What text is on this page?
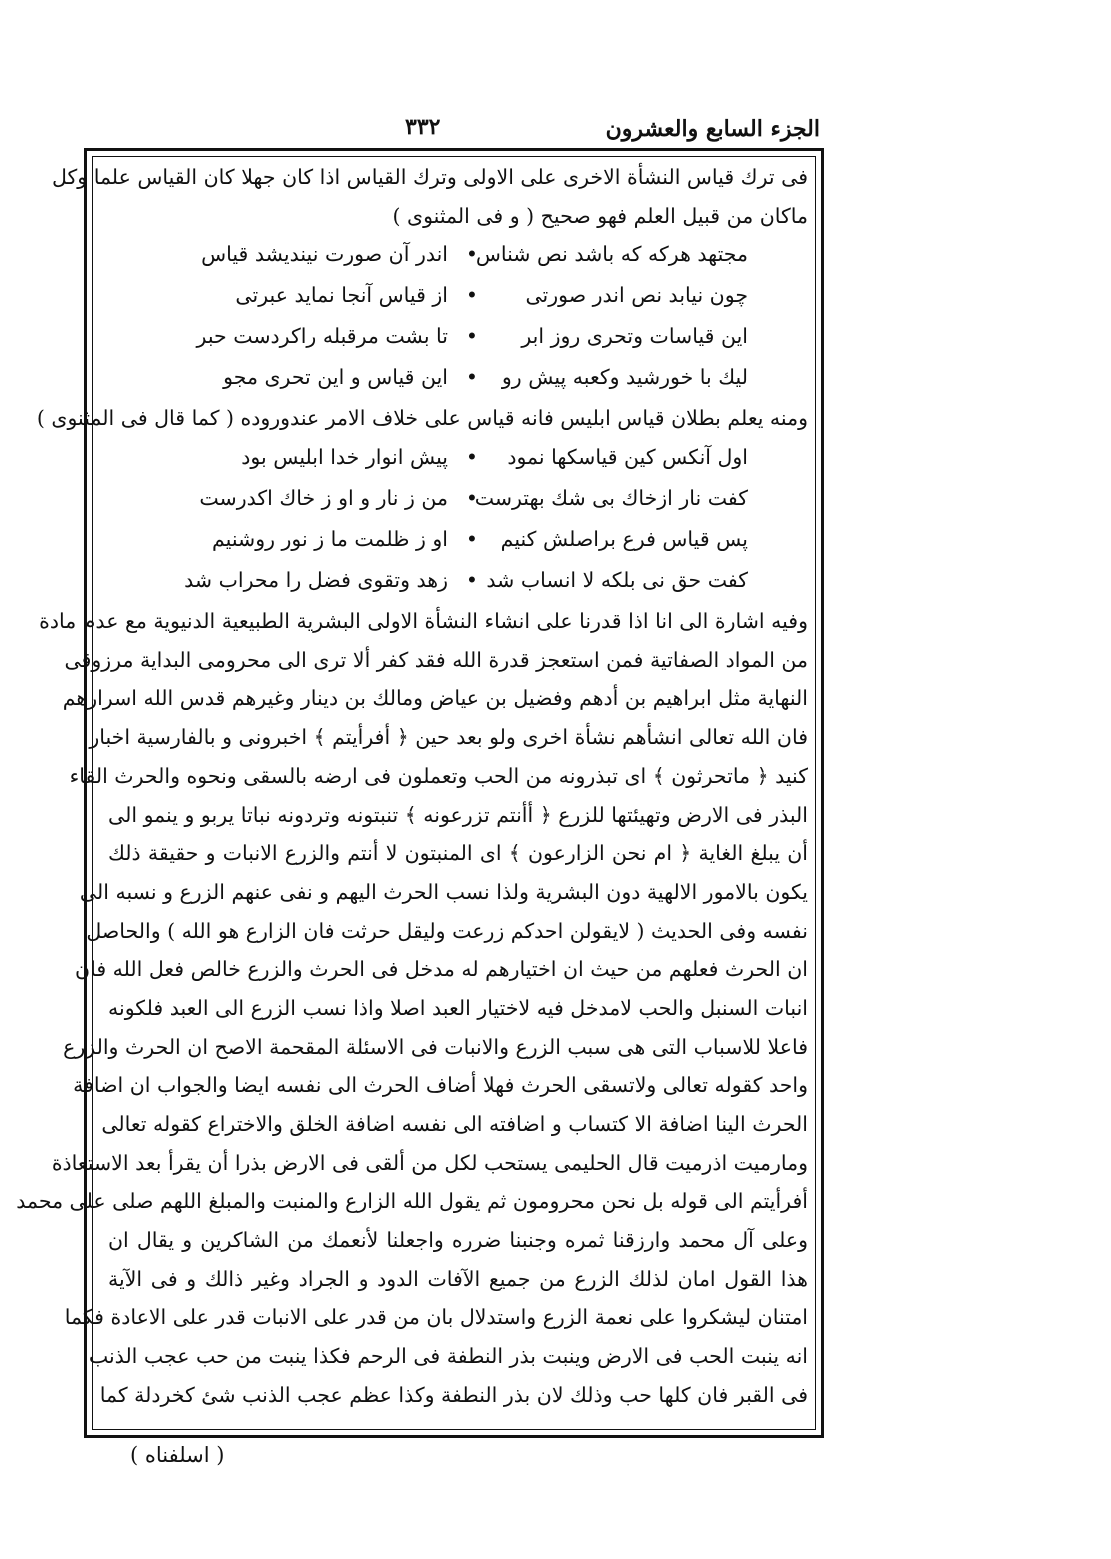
الجزء السابع والعشرون
۳۳۲
فى ترك قياس النشأة الاخرى على الاولى وترك القياس اذا كان جهلا كان القياس علما وكل
ماكان من قبيل العلم فهو صحيح ( و فى المثنوى )
مجتهد هركه كه باشد نص شناس
•
اندر آن صورت نينديشد قياس
چون نيابد نص اندر صورتى
•
از قياس آنجا نمايد عبرتى
اين قياسات وتحرى روز ابر
•
تا بشت مرقبله راكردست حبر
ليك با خورشيد وكعبه پيش رو
•
اين قياس و اين تحرى مجو
ومنه يعلم بطلان قياس ابليس فانه قياس على خلاف الامر عندوروده ( كما قال فى المثنوى )
اول آنكس كين قياسكها نمود
•
پيش انوار خدا ابليس بود
كفت نار ازخاك بى شك بهترست
•
من ز نار و او ز خاك اكدرست
پس قياس فرع براصلش كنيم
•
او ز ظلمت ما ز نور روشنيم
كفت حق نى بلكه لا انساب شد
•
زهد وتقوى فضل را محراب شد
وفيه اشارة الى انا اذا قدرنا على انشاء النشأة الاولى البشرية الطبيعية الدنيوية مع عدم مادة
من المواد الصفاتية فمن استعجز قدرة الله فقد كفر ألا ترى الى محرومى البداية مرزوقى
النهاية مثل ابراهيم بن أدهم وفضيل بن عياض ومالك بن دينار وغيرهم قدس الله اسرارهم
فان الله تعالى انشأهم نشأة اخرى ولو بعد حين ﴿ أفرأيتم ﴾ اخبرونى و بالفارسية اخبار
كنيد ﴿ ماتحرثون ﴾ اى تبذرونه من الحب وتعملون فى ارضه بالسقى ونحوه والحرث القاء
البذر فى الارض وتهيئتها للزرع ﴿ أأنتم تزرعونه ﴾ تنبتونه وتردونه نباتا يربو و ينمو الى
أن يبلغ الغاية ﴿ ام نحن الزارعون ﴾ اى المنبتون لا أنتم والزرع الانبات و حقيقة ذلك
يكون بالامور الالهية دون البشرية ولذا نسب الحرث اليهم و نفى عنهم الزرع و نسبه الى
نفسه وفى الحديث ( لايقولن احدكم زرعت وليقل حرثت فان الزارع هو الله ) والحاصل
ان الحرث فعلهم من حيث ان اختيارهم له مدخل فى الحرث والزرع خالص فعل الله فان
انبات السنبل والحب لامدخل فيه لاختيار العبد اصلا واذا نسب الزرع الى العبد فلكونه
فاعلا للاسباب التى هى سبب الزرع والانبات فى الاسئلة المقحمة الاصح ان الحرث والزرع
واحد كقوله تعالى ولاتسقى الحرث فهلا أضاف الحرث الى نفسه ايضا والجواب ان اضافة
الحرث الينا اضافة الا كتساب و اضافته الى نفسه اضافة الخلق والاختراع كقوله تعالى
ومارميت اذرميت قال الحليمى يستحب لكل من ألقى فى الارض بذرا أن يقرأ بعد الاستعاذة
أفرأيتم الى قوله بل نحن محرومون ثم يقول الله الزارع والمنبت والمبلغ اللهم صلى على محمد
وعلى آل محمد وارزقنا ثمره وجنبنا ضرره واجعلنا لأنعمك من الشاكرين و يقال ان
هذا القول امان لذلك الزرع من جميع الآفات الدود و الجراد وغير ذالك و فى الآية
امتنان ليشكروا على نعمة الزرع واستدلال بان من قدر على الانبات قدر على الاعادة فكما
انه ينبت الحب فى الارض وينبت بذر النطفة فى الرحم فكذا ينبت من حب عجب الذنب
فى القبر فان كلها حب وذلك لان بذر النطفة وكذا عظم عجب الذنب شئ كخردلة كما
( اسلفناه )
